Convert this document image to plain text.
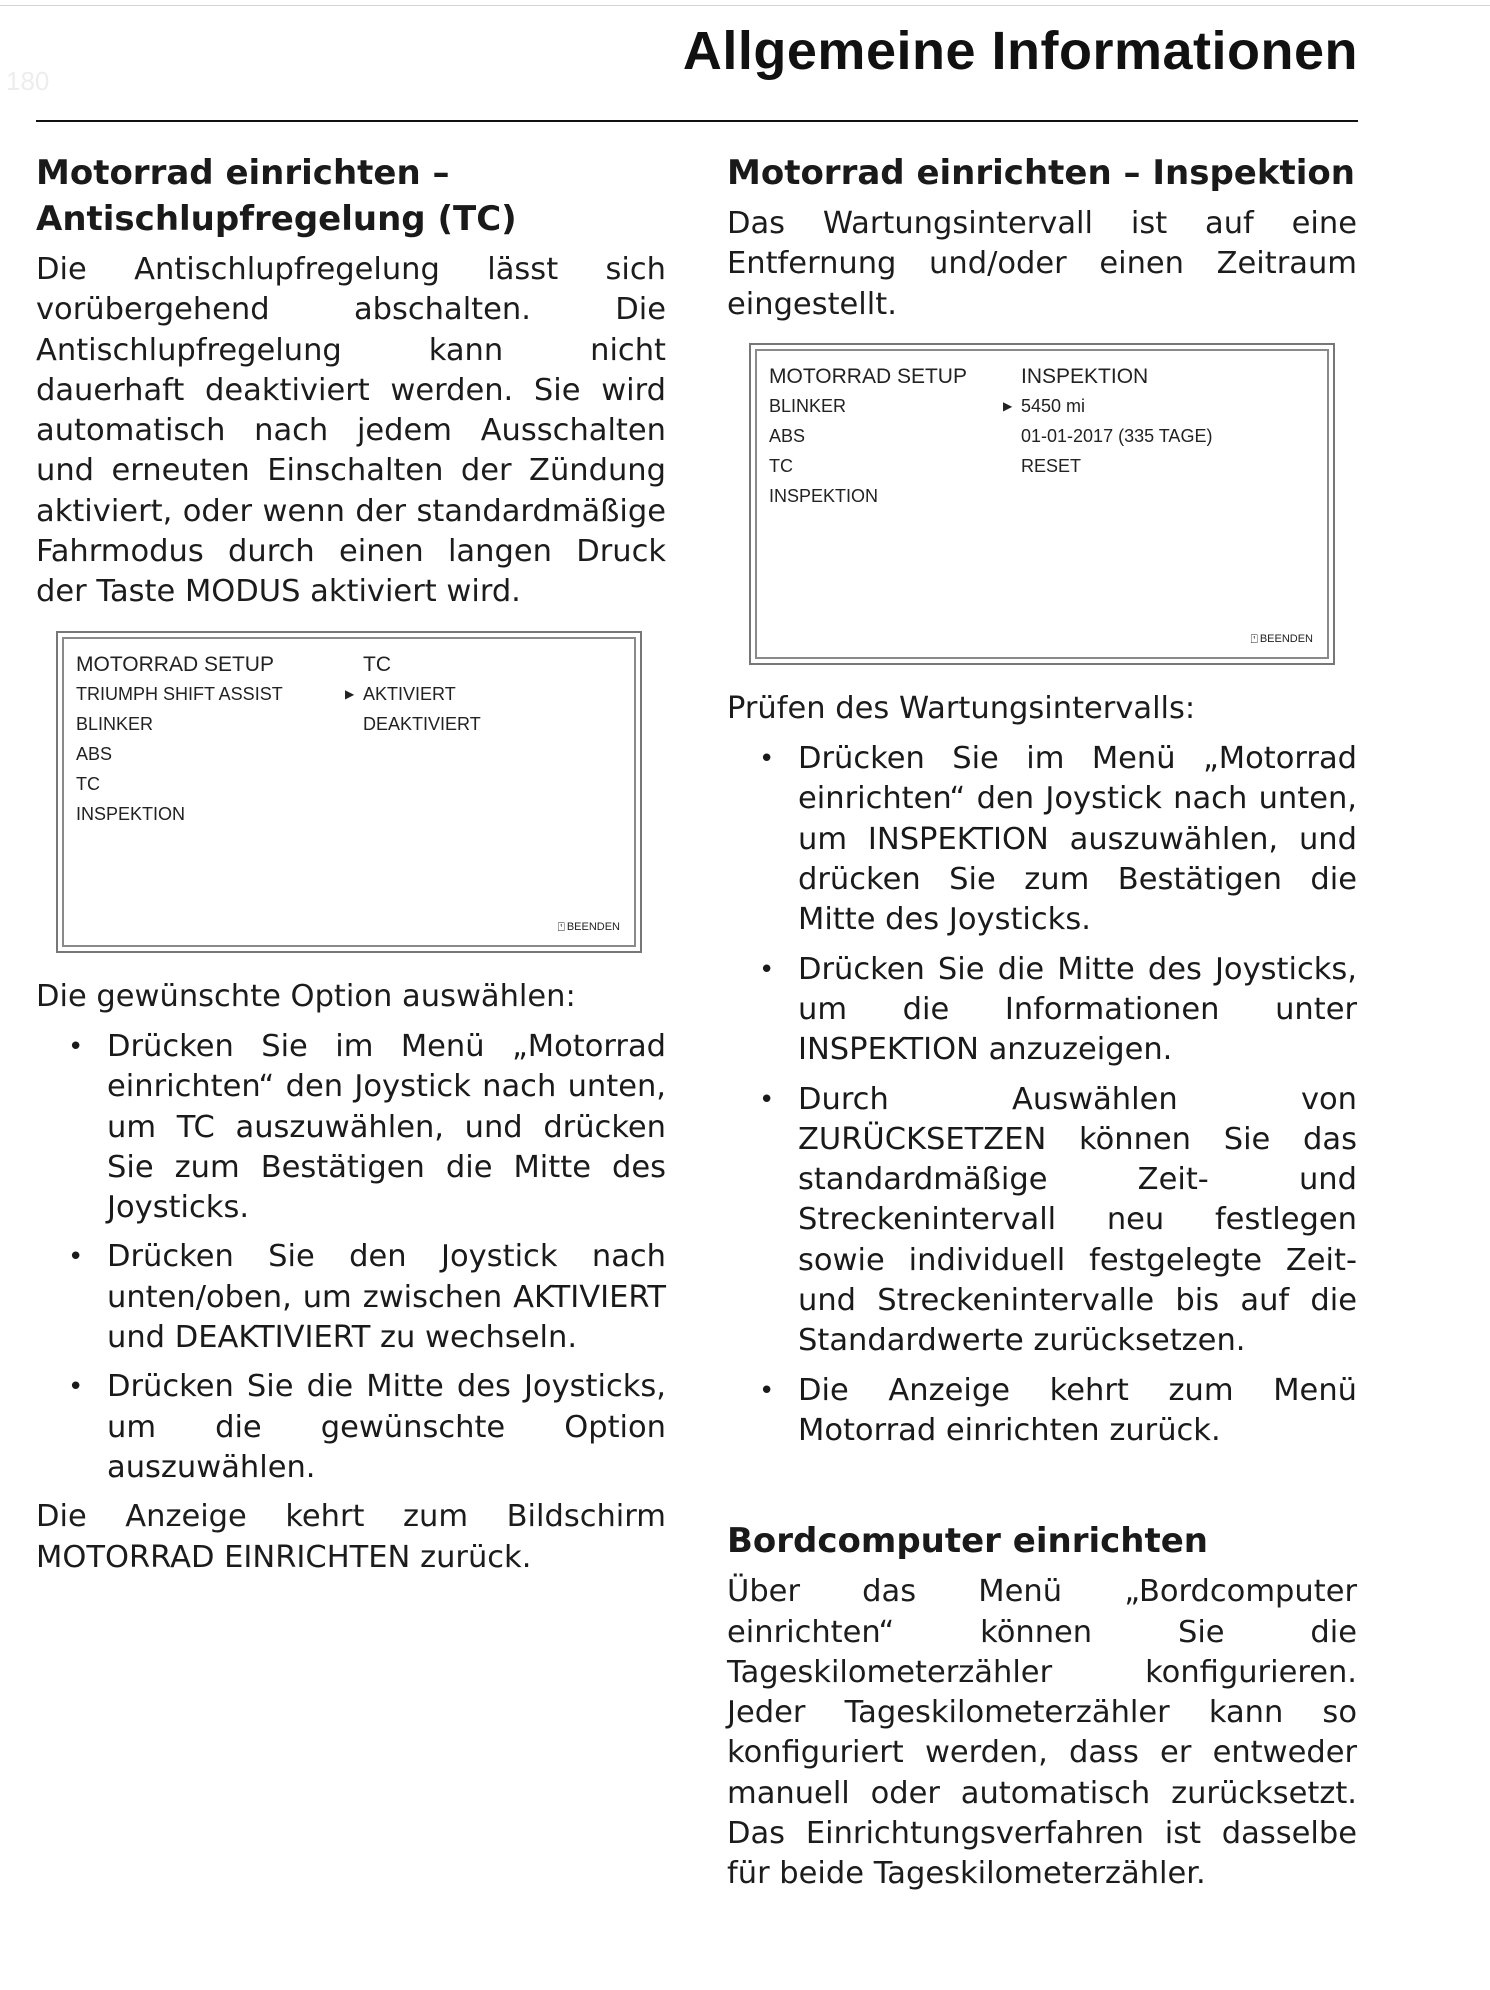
180	Allgemeine Informationen
Motorrad einrichten –
Antischlupfregelung (TC)

Die Antischlupfregelung lässt sich vorübergehend abschalten. Die Antischlupfregelung kann nicht dauerhaft deaktiviert werden. Sie wird automatisch nach jedem Ausschalten und erneuten Einschalten der Zündung aktiviert, oder wenn der standardmäßige Fahrmodus durch einen langen Druck der Taste MODUS aktiviert wird.

MOTORRAD SETUP
TRIUMPH SHIFT ASSIST
BLINKER
ABS
TC
INSPEKTION
TC
▶ AKTIVIERT
DEAKTIVIERT
⍞ BEENDEN

Die gewünschte Option auswählen:

• Drücken Sie im Menü „Motorrad einrichten“ den Joystick nach unten, um TC auszuwählen, und drücken Sie zum Bestätigen die Mitte des Joysticks.
• Drücken Sie den Joystick nach unten/oben, um zwischen AKTIVIERT und DEAKTIVIERT zu wechseln.
• Drücken Sie die Mitte des Joysticks, um die gewünschte Option auszuwählen.

Die Anzeige kehrt zum Bildschirm MOTORRAD EINRICHTEN zurück.

Motorrad einrichten – Inspektion

Das Wartungsintervall ist auf eine Entfernung und/oder einen Zeitraum eingestellt.

MOTORRAD SETUP
BLINKER
ABS
TC
INSPEKTION
INSPEKTION
▶ 5450 mi
01-01-2017 (335 TAGE)
RESET
⍞ BEENDEN

Prüfen des Wartungsintervalls:

• Drücken Sie im Menü „Motorrad einrichten“ den Joystick nach unten, um INSPEKTION auszuwählen, und drücken Sie zum Bestätigen die Mitte des Joysticks.
• Drücken Sie die Mitte des Joysticks, um die Informationen unter INSPEKTION anzuzeigen.
• Durch Auswählen von ZURÜCKSETZEN können Sie das standardmäßige Zeit- und Streckenintervall neu festlegen sowie individuell festgelegte Zeit- und Streckenintervalle bis auf die Standardwerte zurücksetzen.
• Die Anzeige kehrt zum Menü Motorrad einrichten zurück.
Bordcomputer einrichten

Über das Menü „Bordcomputer einrichten“ können Sie die Tageskilometerzähler konfigurieren. Jeder Tageskilometerzähler kann so konfiguriert werden, dass er entweder manuell oder automatisch zurücksetzt. Das Einrichtungsverfahren ist dasselbe für beide Tageskilometerzähler.
